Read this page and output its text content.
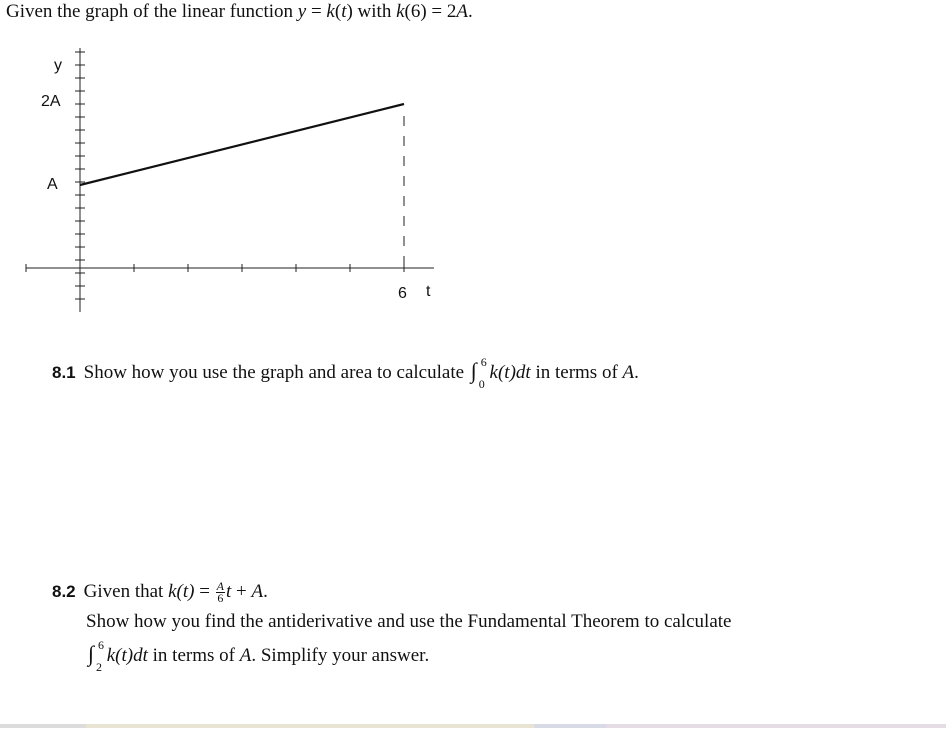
Given the graph of the linear function y = k(t) with k(6) = 2A.
y
2A
A
6 t
8.1 Show how you use the graph and area to calculate ∫ 6
0
k(t)dt in terms of A.
8.2 Given that $k(t) = \frac{A}{6}$ t + A.
Show how you find the antiderivative and use the Fundamental Theorem to calculate
∫ 6
2
k(t)dt in terms of A. Simplify your answer.
